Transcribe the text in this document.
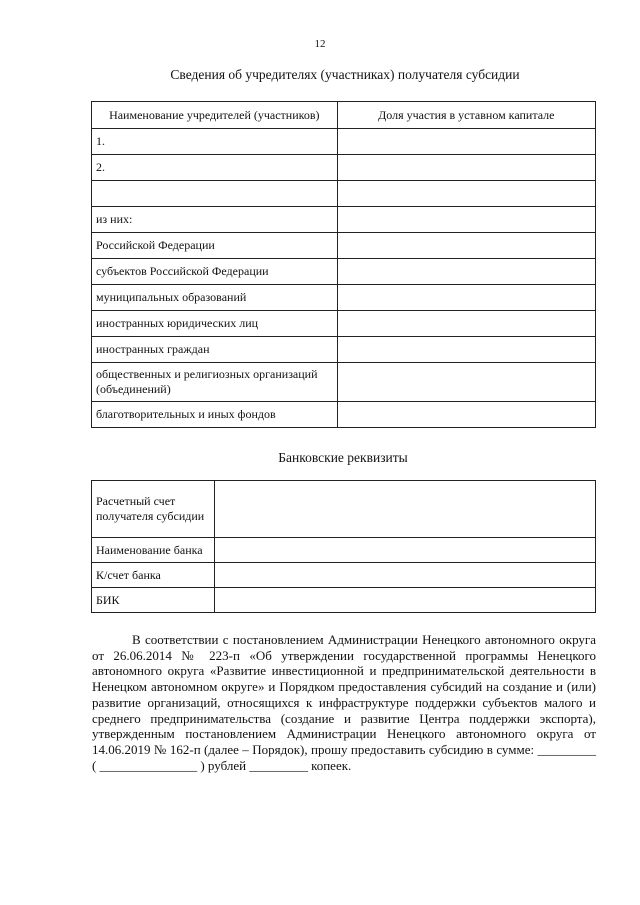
12
Сведения об учредителях (участниках) получателя субсидии
Наименование учредителей (участников)	Доля участия в уставном капитале
1.	
2.	

из них:	
Российской Федерации	
субъектов Российской Федерации	
муниципальных образований	
иностранных юридических лиц	
иностранных граждан	
общественных и религиозных организаций (объединений)	
благотворительных и иных фондов	
Банковские реквизиты
Расчетный счет получателя субсидии	
Наименование банка	
К/счет банка	
БИК	

В соответствии с постановлением Администрации Ненецкого автономного округа от 26.06.2014 № 223-п «Об утверждении государственной программы Ненецкого автономного округа «Развитие инвестиционной и предпринимательской деятельности в Ненецком автономном округе» и Порядком предоставления субсидий на создание и (или) развитие организаций, относящихся к инфраструктуре поддержки субъектов малого и среднего предпринимательства (создание и развитие Центра поддержки экспорта), утвержденным постановлением Администрации Ненецкого автономного округа от 14.06.2019 № 162-п (далее – Порядок), прошу предоставить субсидию в сумме: _________ ( _______________ ) рублей _________ копеек.
